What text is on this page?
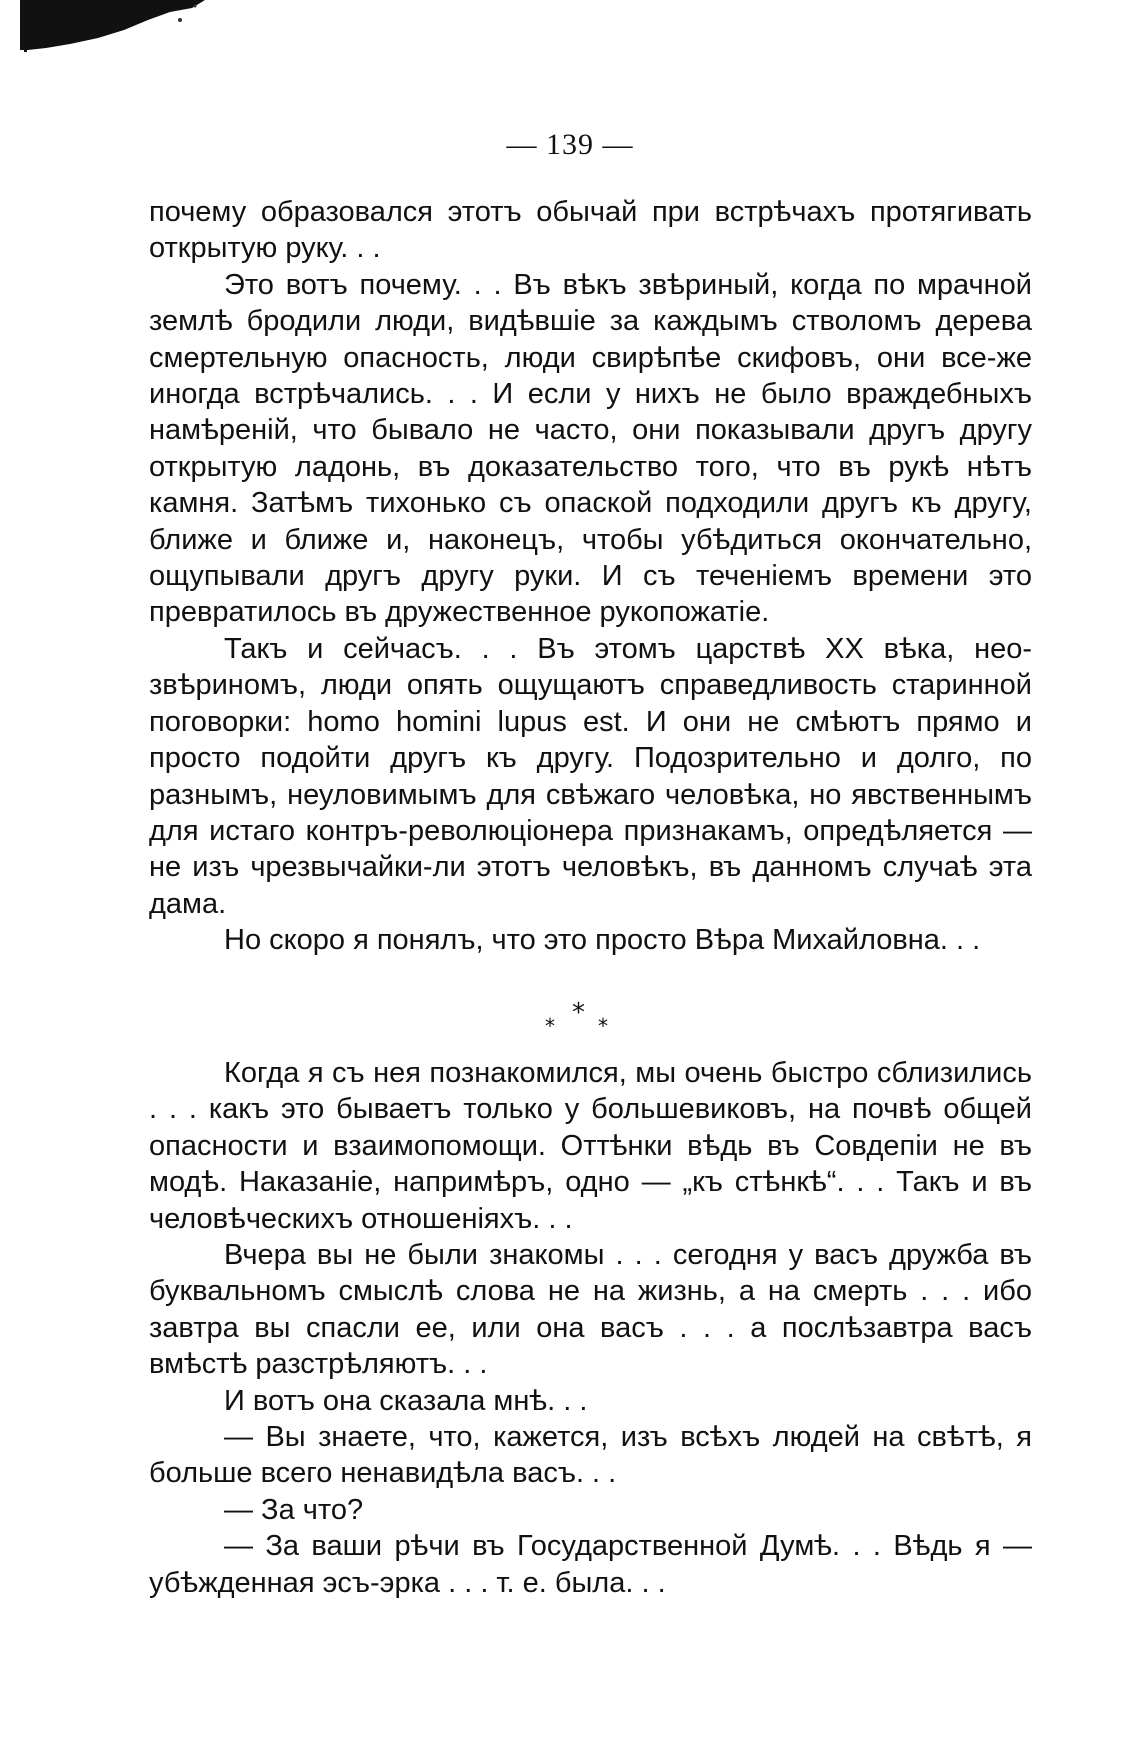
— 139 —

почему образовался этотъ обычай при встрѣчахъ протягивать открытую руку. . .

Это вотъ почему. . . Въ вѣкъ звѣриный, когда по мрачной землѣ бродили люди, видѣвшіе за каждымъ стволомъ дерева смертельную опасность, люди свирѣпѣе скифовъ, они все-же иногда встрѣчались. . . И если у нихъ не было враждебныхъ намѣреній, что бывало не часто, они показывали другъ другу открытую ладонь, въ доказательство того, что въ рукѣ нѣтъ камня. Затѣмъ тихонько съ опаской подходили другъ къ другу, ближе и ближе и, наконецъ, чтобы убѣдиться окончательно, ощупывали другъ другу руки. И съ теченіемъ времени это превратилось въ дружественное рукопожатіе.

Такъ и сейчасъ. . . Въ этомъ царствѣ XX вѣка, нео-звѣриномъ, люди опять ощущаютъ справедливость старинной поговорки: homo homini lupus est. И они не смѣютъ прямо и просто подойти другъ къ другу. Подозрительно и долго, по разнымъ, неуловимымъ для свѣжаго человѣка, но явственнымъ для истаго контръ-революціонера признакамъ, опредѣляется — не изъ чрезвычайки-ли этотъ человѣкъ, въ данномъ случаѣ эта дама.

Но скоро я понялъ, что это просто Вѣра Михайловна. . .

*
* *

Когда я съ нея познакомился, мы очень быстро сблизились . . . какъ это бываетъ только у большевиковъ, на почвѣ общей опасности и взаимопомощи. Оттѣнки вѣдь въ Совдепіи не въ модѣ. Наказаніе, напримѣръ, одно — „къ стѣнкѣ“. . . Такъ и въ человѣческихъ отношеніяхъ. . .

Вчера вы не были знакомы . . . сегодня у васъ дружба въ буквальномъ смыслѣ слова не на жизнь, а на смерть . . . ибо завтра вы спасли ее, или она васъ . . . а послѣзавтра васъ вмѣстѣ разстрѣляютъ. . .

И вотъ она сказала мнѣ. . .

— Вы знаете, что, кажется, изъ всѣхъ людей на свѣтѣ, я больше всего ненавидѣла васъ. . .

— За что?

— За ваши рѣчи въ Государственной Думѣ. . . Вѣдь я — убѣжденная эсъ-эрка . . . т. е. была. . .
